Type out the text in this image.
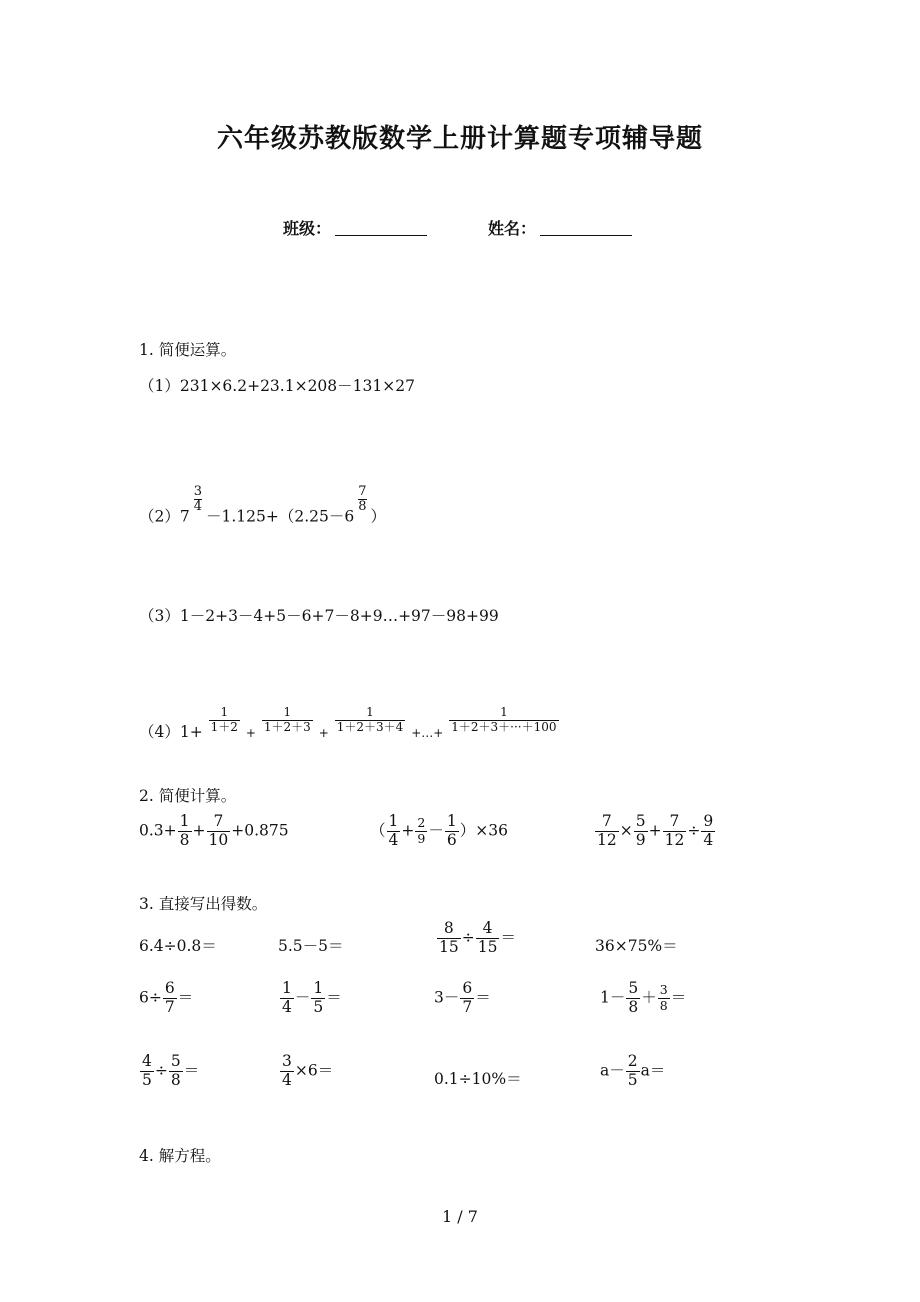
六年级苏教版数学上册计算题专项辅导题
班级：	姓名：
1. 简便运算。
（1）231×6.2+23.1×208－131×27
（2）7
$\frac{3}{4}$
－1.125+（2.25－6
$\frac{7}{8}$
）
（3）1－2+3－4+5－6+7－8+9…+97－98+99
$(4)1+ \frac{1}{1+2} _+ \frac{1}{1+2+3} _+ \frac{1}{1+2+3+4} _{+\dots+} \frac{1}{1+2+3+\cdot\cdot\cdot+100}$
2. 简便计算。
$0.3+ \frac{1}{8} + \frac{7}{10} +0.875$	（ $\frac{1}{4} + \frac{2}{9} - \frac{1}{6} )\times 36$	$\frac{7}{12} \times \frac{5}{9} + \frac{7}{12} \div \frac{9}{4}$
3. 直接写出得数。
6.4÷0.8＝	5.5－5＝	$\frac{8}{15} \div \frac{4}{15}$ ＝	36×75%＝
$6\div \frac{6}{7}$ ＝	$\frac{1}{4} - \frac{1}{5}$ ＝	$3- \frac{6}{7}$ ＝	$1- \frac{5}{8} + \frac{3}{8}$ ＝
$\frac{4}{5} \div \frac{5}{8}$ ＝	$\frac{3}{4} \times 6=$	0.1÷10%＝	$a- \frac{2}{5} a=$
4. 解方程。
1 / 7
